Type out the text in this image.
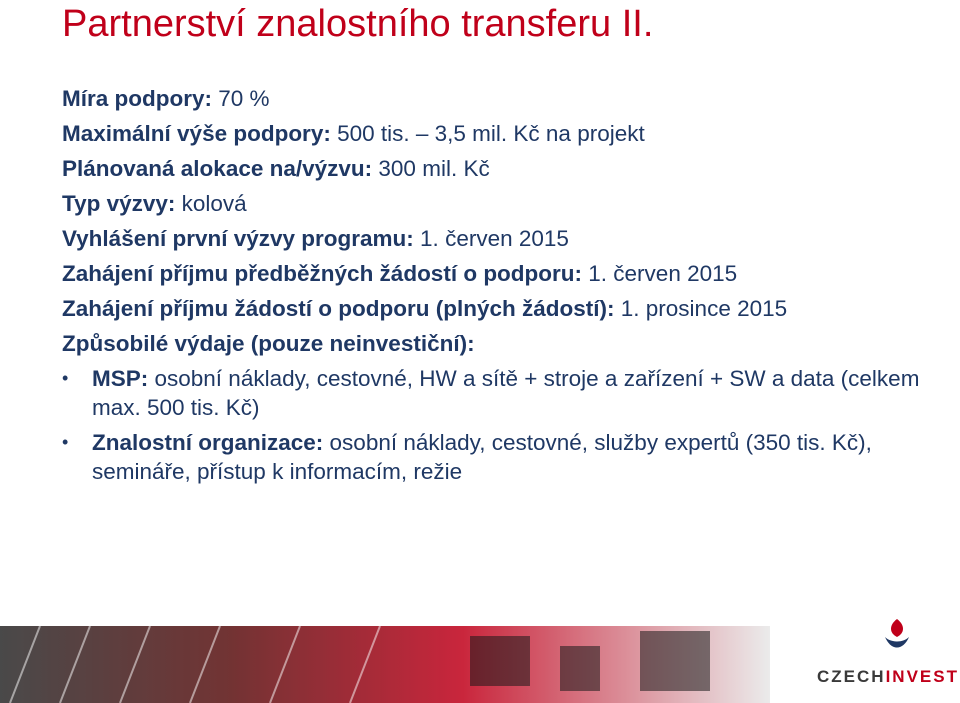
Partnerství znalostního transferu II.
Míra podpory: 70 %
Maximální výše podpory: 500 tis. – 3,5 mil. Kč na projekt
Plánovaná alokace na/výzvu: 300 mil. Kč
Typ výzvy: kolová
Vyhlášení první výzvy programu: 1. červen 2015
Zahájení příjmu předběžných žádostí o podporu: 1. červen 2015
Zahájení příjmu žádostí o podporu (plných žádostí): 1. prosince 2015
Způsobilé výdaje (pouze neinvestiční):
• MSP: osobní náklady, cestovné, HW a sítě + stroje a zařízení + SW a data (celkem max. 500 tis. Kč)
• Znalostní organizace: osobní náklady, cestovné, služby expertů (350 tis. Kč), semináře, přístup k informacím, režie
CZECHINVEST
